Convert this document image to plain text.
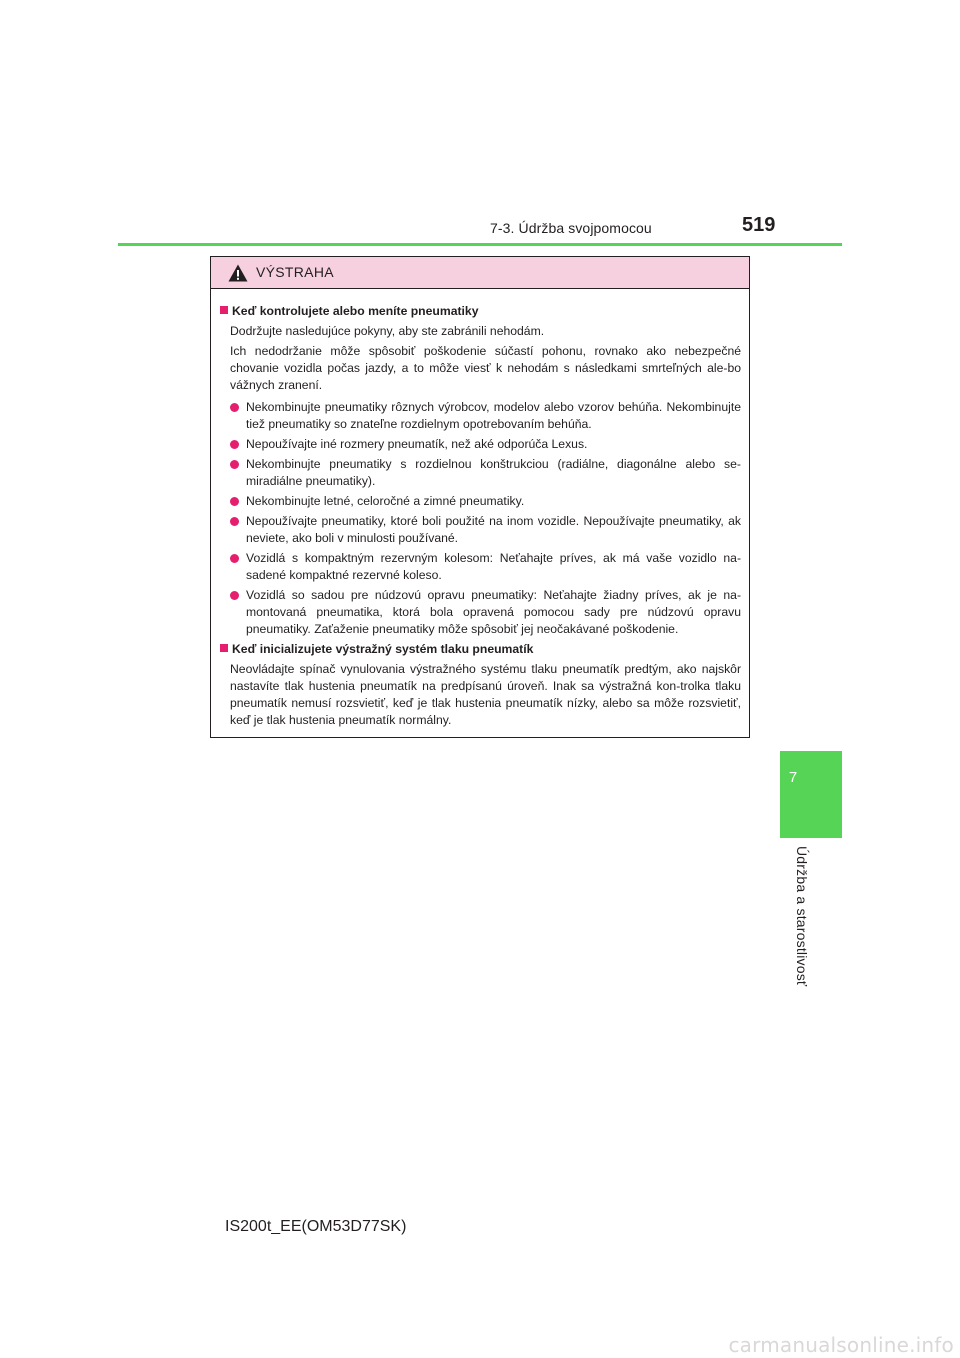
7-3. Údržba svojpomocou	519
7
Údržba a starostlivosť
VÝSTRAHA
Keď kontrolujete alebo meníte pneumatiky

Dodržujte nasledujúce pokyny, aby ste zabránili nehodám.

Ich nedodržanie môže spôsobiť poškodenie súčastí pohonu, rovnako ako nebezpečné chovanie vozidla počas jazdy, a to môže viesť k nehodám s následkami smrteľných ale-bo vážnych zranení.

Nekombinujte pneumatiky rôznych výrobcov, modelov alebo vzorov behúňa. Nekombinujte tiež pneumatiky so znateľne rozdielnym opotrebovaním behúňa.
Nepoužívajte iné rozmery pneumatík, než aké odporúča Lexus.
Nekombinujte pneumatiky s rozdielnou konštrukciou (radiálne, diagonálne alebo se-miradiálne pneumatiky).
Nekombinujte letné, celoročné a zimné pneumatiky.
Nepoužívajte pneumatiky, ktoré boli použité na inom vozidle. Nepoužívajte pneumatiky, ak neviete, ako boli v minulosti používané.
Vozidlá s kompaktným rezervným kolesom: Neťahajte príves, ak má vaše vozidlo na-sadené kompaktné rezervné koleso.
Vozidlá so sadou pre núdzovú opravu pneumatiky: Neťahajte žiadny príves, ak je na-montovaná pneumatika, ktorá bola opravená pomocou sady pre núdzovú opravu pneumatiky. Zaťaženie pneumatiky môže spôsobiť jej neočakávané poškodenie.
Keď inicializujete výstražný systém tlaku pneumatík

Neovládajte spínač vynulovania výstražného systému tlaku pneumatík predtým, ako najskôr nastavíte tlak hustenia pneumatík na predpísanú úroveň. Inak sa výstražná kon-trolka tlaku pneumatík nemusí rozsvietiť, keď je tlak hustenia pneumatík nízky, alebo sa môže rozsvietiť, keď je tlak hustenia pneumatík normálny.

IS200t_EE(OM53D77SK)
carmanualsonline.info
